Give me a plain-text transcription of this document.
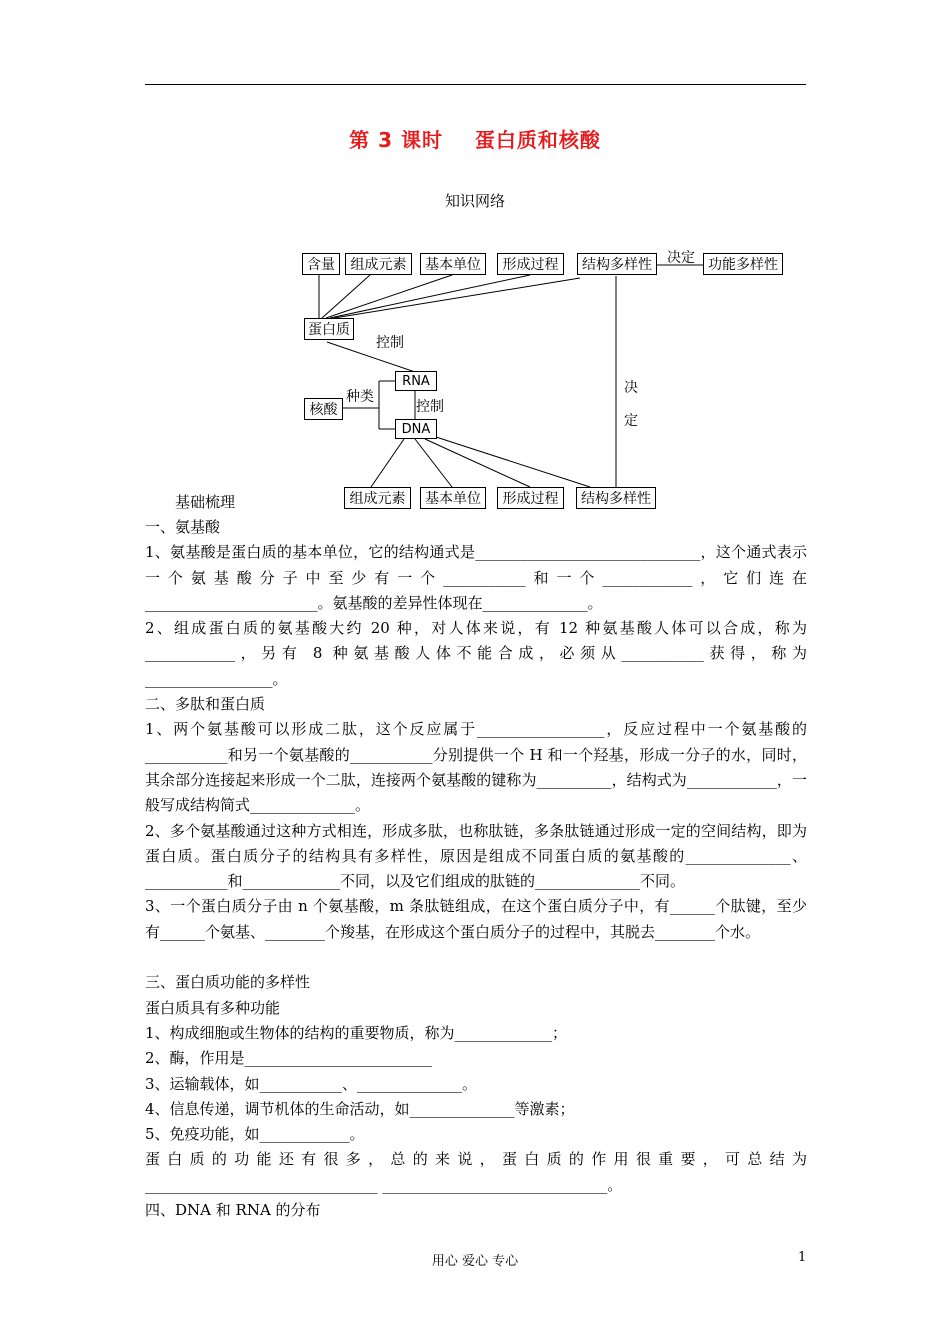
第 3 课时    蛋白质和核酸
知识网络
含量	组成元素	基本单位	形成过程	结构多样性	决定 功能多样性
蛋白质
控制
RNA
种类
核酸	控制
DNA
决
定
组成元素	基本单位	形成过程	结构多样性
基础梳理

一、氨基酸

1、氨基酸是蛋白质的基本单位，它的结构通式是______________________________，这个通式表示一个氨基酸分子中至少有一个___________和一个____________，它们连在_______________________。氨基酸的差异性体现在______________。

2、组成蛋白质的氨基酸大约 20 种，对人体来说，有 12 种氨基酸人体可以合成，称为____________，另有 8 种氨基酸人体不能合成，必须从___________获得，称为_________________。

二、多肽和蛋白质

1、两个氨基酸可以形成二肽，这个反应属于_________________，反应过程中一个氨基酸的___________和另一个氨基酸的___________分别提供一个 H 和一个羟基，形成一分子的水，同时，其余部分连接起来形成一个二肽，连接两个氨基酸的键称为__________，结构式为____________，一般写成结构简式______________。

2、多个氨基酸通过这种方式相连，形成多肽，也称肽链，多条肽链通过形成一定的空间结构，即为蛋白质。蛋白质分子的结构具有多样性，原因是组成不同蛋白质的氨基酸的______________、___________和_____________不同，以及它们组成的肽链的______________不同。

3、一个蛋白质分子由 n 个氨基酸，m 条肽链组成，在这个蛋白质分子中，有______个肽键，至少有______个氨基、________个羧基，在形成这个蛋白质分子的过程中，其脱去________个水。

三、蛋白质功能的多样性

蛋白质具有多种功能

1、构成细胞或生物体的结构的重要物质，称为_____________；

2、酶，作用是_________________________

3、运输载体，如___________、______________。

4、信息传递，调节机体的生命活动，如______________等激素；

5、免疫功能，如____________。

蛋白质的功能还有很多，总的来说，蛋白质的作用很重要，可总结为_______________________________ ______________________________。

四、DNA 和 RNA 的分布

用心 爱心 专心	1
